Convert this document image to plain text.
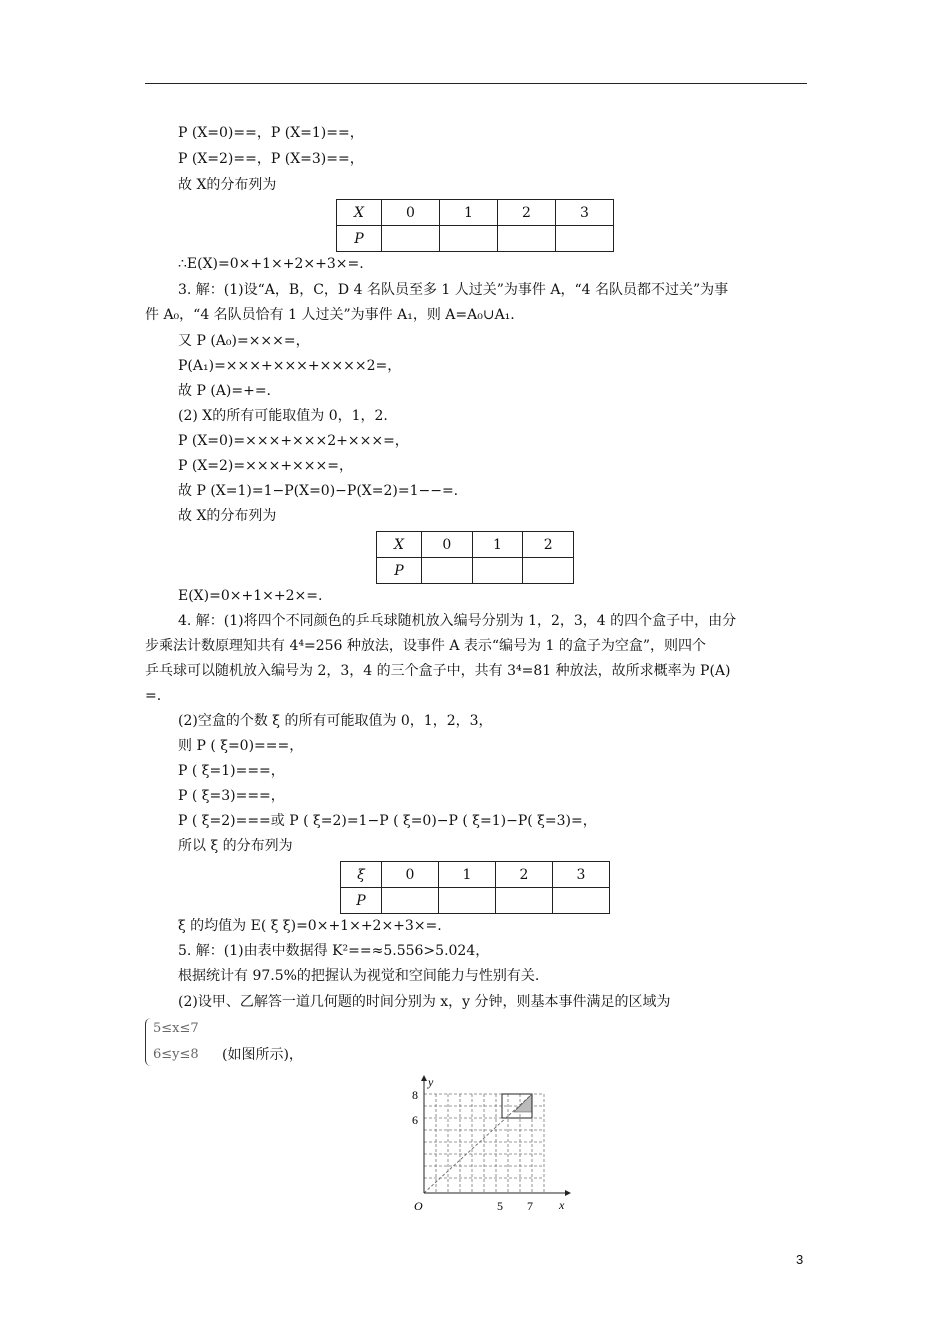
P (X=0)==，P (X=1)==，
P (X=2)==，P (X=3)==，
故 X的分布列为
X	0	1	2	3
P				
∴E(X)=0×+1×+2×+3×=.
3. 解：(1)设“A，B，C，D 4 名队员至多 1 人过关”为事件 A，“4 名队员都不过关”为事
件 A₀，“4 名队员恰有 1 人过关”为事件 A₁，则 A=A₀∪A₁.
又 P (A₀)=×××=，
P(A₁)=×××+×××+××××2=，
故 P (A)=+=.
(2) X的所有可能取值为 0，1，2.
P (X=0)=×××+×××2+×××=，
P (X=2)=×××+×××=，
故 P (X=1)=1−P(X=0)−P(X=2)=1−−=.
故 X的分布列为
X	0	1	2
P			
E(X)=0×+1×+2×=.
4. 解：(1)将四个不同颜色的乒乓球随机放入编号分别为 1，2，3，4 的四个盒子中，由分
步乘法计数原理知共有 4⁴=256 种放法，设事件 A 表示“编号为 1 的盒子为空盒”，则四个
乒乓球可以随机放入编号为 2，3，4 的三个盒子中，共有 3⁴=81 种放法，故所求概率为 P(A)
=.
(2)空盒的个数 ξ 的所有可能取值为 0，1，2，3，
则 P ( ξ=0)===，
P ( ξ=1)===，
P ( ξ=3)===，
P ( ξ=2)===或 P ( ξ=2)=1−P ( ξ=0)−P ( ξ=1)−P( ξ=3)=，
所以 ξ 的分布列为
ξ	0	1	2	3
P				
ξ 的均值为 E( ξ ξ)=0×+1×+2×+3×=.
5. 解：(1)由表中数据得 K²==≈5.556>5.024，
根据统计有 97.5%的把握认为视觉和空间能力与性别有关.
(2)设甲、乙解答一道几何题的时间分别为 x，y 分钟，则基本事件满足的区域为
5≤x≤7
6≤y≤8 (如图所示)，
y
x
O	5 7
6
8
3
